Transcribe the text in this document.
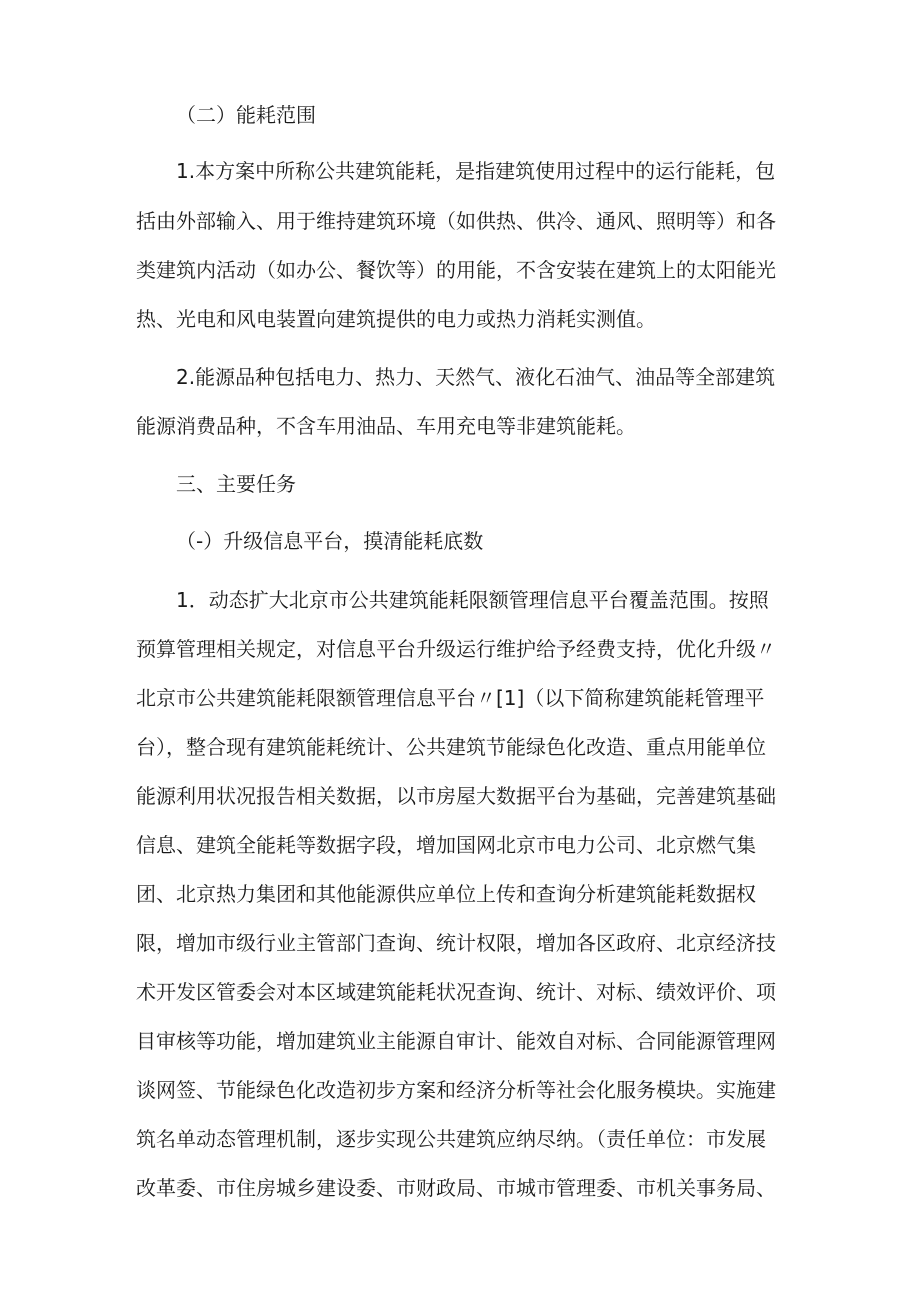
（二）能耗范围
1.本方案中所称公共建筑能耗，是指建筑使用过程中的运行能耗，包
括由外部输入、用于维持建筑环境（如供热、供冷、通风、照明等）和各
类建筑内活动（如办公、餐饮等）的用能，不含安装在建筑上的太阳能光
热、光电和风电装置向建筑提供的电力或热力消耗实测值。
2.能源品种包括电力、热力、天然气、液化石油气、油品等全部建筑
能源消费品种，不含车用油品、车用充电等非建筑能耗。
三、主要任务
（-）升级信息平台，摸清能耗底数
1．动态扩大北京市公共建筑能耗限额管理信息平台覆盖范围。按照
预算管理相关规定，对信息平台升级运行维护给予经费支持，优化升级〃
北京市公共建筑能耗限额管理信息平台〃[1]（以下简称建筑能耗管理平
台），整合现有建筑能耗统计、公共建筑节能绿色化改造、重点用能单位
能源利用状况报告相关数据，以市房屋大数据平台为基础，完善建筑基础
信息、建筑全能耗等数据字段，增加国网北京市电力公司、北京燃气集
团、北京热力集团和其他能源供应单位上传和查询分析建筑能耗数据权
限，增加市级行业主管部门查询、统计权限，增加各区政府、北京经济技
术开发区管委会对本区域建筑能耗状况查询、统计、对标、绩效评价、项
目审核等功能，增加建筑业主能源自审计、能效自对标、合同能源管理网
谈网签、节能绿色化改造初步方案和经济分析等社会化服务模块。实施建
筑名单动态管理机制，逐步实现公共建筑应纳尽纳。（责任单位：市发展
改革委、市住房城乡建设委、市财政局、市城市管理委、市机关事务局、
